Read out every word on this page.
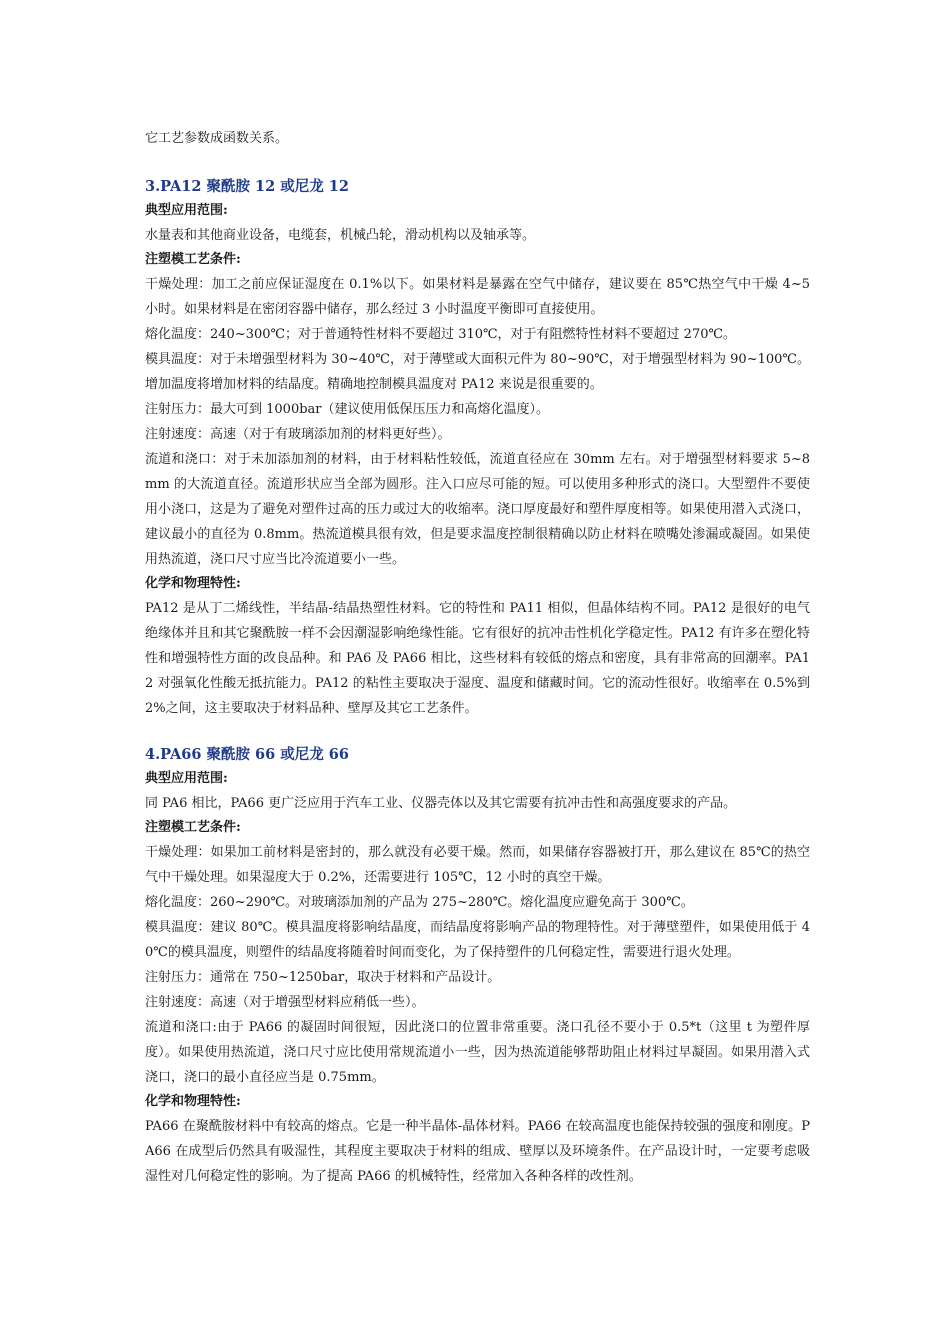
它工艺参数成函数关系。

3.PA12 聚酰胺 12 或尼龙 12

典型应用范围:

水量表和其他商业设备，电缆套，机械凸轮，滑动机构以及轴承等。

注塑模工艺条件:

干燥处理：加工之前应保证湿度在 0.1%以下。如果材料是暴露在空气中储存，建议要在 85℃热空气中干燥 4~5 小时。如果材料是在密闭容器中储存，那么经过 3 小时温度平衡即可直接使用。

熔化温度：240~300℃；对于普通特性材料不要超过 310℃，对于有阻燃特性材料不要超过 270℃。

模具温度：对于未增强型材料为 30~40℃，对于薄壁或大面积元件为 80~90℃，对于增强型材料为 90~100℃。增加温度将增加材料的结晶度。精确地控制模具温度对 PA12 来说是很重要的。

注射压力：最大可到 1000bar（建议使用低保压压力和高熔化温度）。

注射速度：高速（对于有玻璃添加剂的材料更好些）。

流道和浇口：对于未加添加剂的材料，由于材料粘性较低，流道直径应在 30mm 左右。对于增强型材料要求 5~8mm 的大流道直径。流道形状应当全部为圆形。注入口应尽可能的短。可以使用多种形式的浇口。大型塑件不要使用小浇口，这是为了避免对塑件过高的压力或过大的收缩率。浇口厚度最好和塑件厚度相等。如果使用潜入式浇口，建议最小的直径为 0.8mm。热流道模具很有效，但是要求温度控制很精确以防止材料在喷嘴处渗漏或凝固。如果使用热流道，浇口尺寸应当比冷流道要小一些。

化学和物理特性:

PA12 是从丁二烯线性，半结晶-结晶热塑性材料。它的特性和 PA11 相似，但晶体结构不同。PA12 是很好的电气绝缘体并且和其它聚酰胺一样不会因潮湿影响绝缘性能。它有很好的抗冲击性机化学稳定性。PA12 有许多在塑化特性和增强特性方面的改良品种。和 PA6 及 PA66 相比，这些材料有较低的熔点和密度，具有非常高的回潮率。PA12 对强氧化性酸无抵抗能力。PA12 的粘性主要取决于湿度、温度和储藏时间。它的流动性很好。收缩率在 0.5%到 2%之间，这主要取决于材料品种、壁厚及其它工艺条件。

4.PA66 聚酰胺 66 或尼龙 66

典型应用范围:

同 PA6 相比，PA66 更广泛应用于汽车工业、仪器壳体以及其它需要有抗冲击性和高强度要求的产品。

注塑模工艺条件:

干燥处理：如果加工前材料是密封的，那么就没有必要干燥。然而，如果储存容器被打开，那么建议在 85℃的热空气中干燥处理。如果湿度大于 0.2%，还需要进行 105℃，12 小时的真空干燥。

熔化温度：260~290℃。对玻璃添加剂的产品为 275~280℃。熔化温度应避免高于 300℃。

模具温度：建议 80℃。模具温度将影响结晶度，而结晶度将影响产品的物理特性。对于薄壁塑件，如果使用低于 40℃的模具温度，则塑件的结晶度将随着时间而变化，为了保持塑件的几何稳定性，需要进行退火处理。

注射压力：通常在 750~1250bar，取决于材料和产品设计。

注射速度：高速（对于增强型材料应稍低一些）。

流道和浇口:由于 PA66 的凝固时间很短，因此浇口的位置非常重要。浇口孔径不要小于 0.5*t（这里 t 为塑件厚度）。如果使用热流道，浇口尺寸应比使用常规流道小一些，因为热流道能够帮助阻止材料过早凝固。如果用潜入式浇口，浇口的最小直径应当是 0.75mm。

化学和物理特性:

PA66 在聚酰胺材料中有较高的熔点。它是一种半晶体-晶体材料。PA66 在较高温度也能保持较强的强度和刚度。PA66 在成型后仍然具有吸湿性，其程度主要取决于材料的组成、壁厚以及环境条件。在产品设计时，一定要考虑吸湿性对几何稳定性的影响。为了提高 PA66 的机械特性，经常加入各种各样的改性剂。
